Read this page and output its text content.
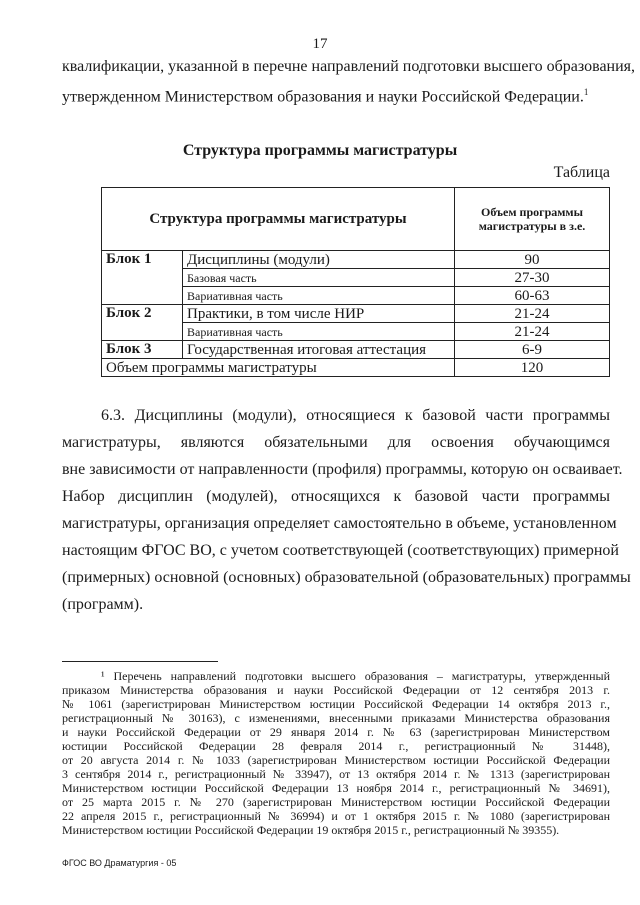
17
квалификации, указанной в перечне направлений подготовки высшего образования,
утвержденном Министерством образования и науки Российской Федерации.$^1$
Структура программы магистратуры
Таблица
Структура программы магистратуры		Объем программы магистратуры в з.е.
Блок 1	Дисциплины (модули)	90
	Базовая часть	27-30
	Вариативная часть	60-63
Блок 2	Практики, в том числе НИР	21-24
	Вариативная часть	21-24
Блок 3	Государственная итоговая аттестация	6-9
Объем программы магистратуры		120
6.3. Дисциплины (модули), относящиеся к базовой части программы
магистратуры, являются обязательными для освоения обучающимся
вне зависимости от направленности (профиля) программы, которую он осваивает.
Набор дисциплин (модулей), относящихся к базовой части программы
магистратуры, организация определяет самостоятельно в объеме, установленном
настоящим ФГОС ВО, с учетом соответствующей (соответствующих) примерной
(примерных) основной (основных) образовательной (образовательных) программы
(программ).
¹ Перечень направлений подготовки высшего образования – магистратуры, утвержденный
приказом Министерства образования и науки Российской Федерации от 12 сентября 2013 г.
№ 1061 (зарегистрирован Министерством юстиции Российской Федерации 14 октября 2013 г.,
регистрационный № 30163), с изменениями, внесенными приказами Министерства образования
и науки Российской Федерации от 29 января 2014 г. № 63 (зарегистрирован Министерством
юстиции Российской Федерации 28 февраля 2014 г., регистрационный № 31448),
от 20 августа 2014 г. № 1033 (зарегистрирован Министерством юстиции Российской Федерации
3 сентября 2014 г., регистрационный № 33947), от 13 октября 2014 г. № 1313 (зарегистрирован
Министерством юстиции Российской Федерации 13 ноября 2014 г., регистрационный № 34691),
от 25 марта 2015 г. № 270 (зарегистрирован Министерством юстиции Российской Федерации
22 апреля 2015 г., регистрационный № 36994) и от 1 октября 2015 г. № 1080 (зарегистрирован
Министерством юстиции Российской Федерации 19 октября 2015 г., регистрационный № 39355).
ФГОС ВО Драматургия - 05
